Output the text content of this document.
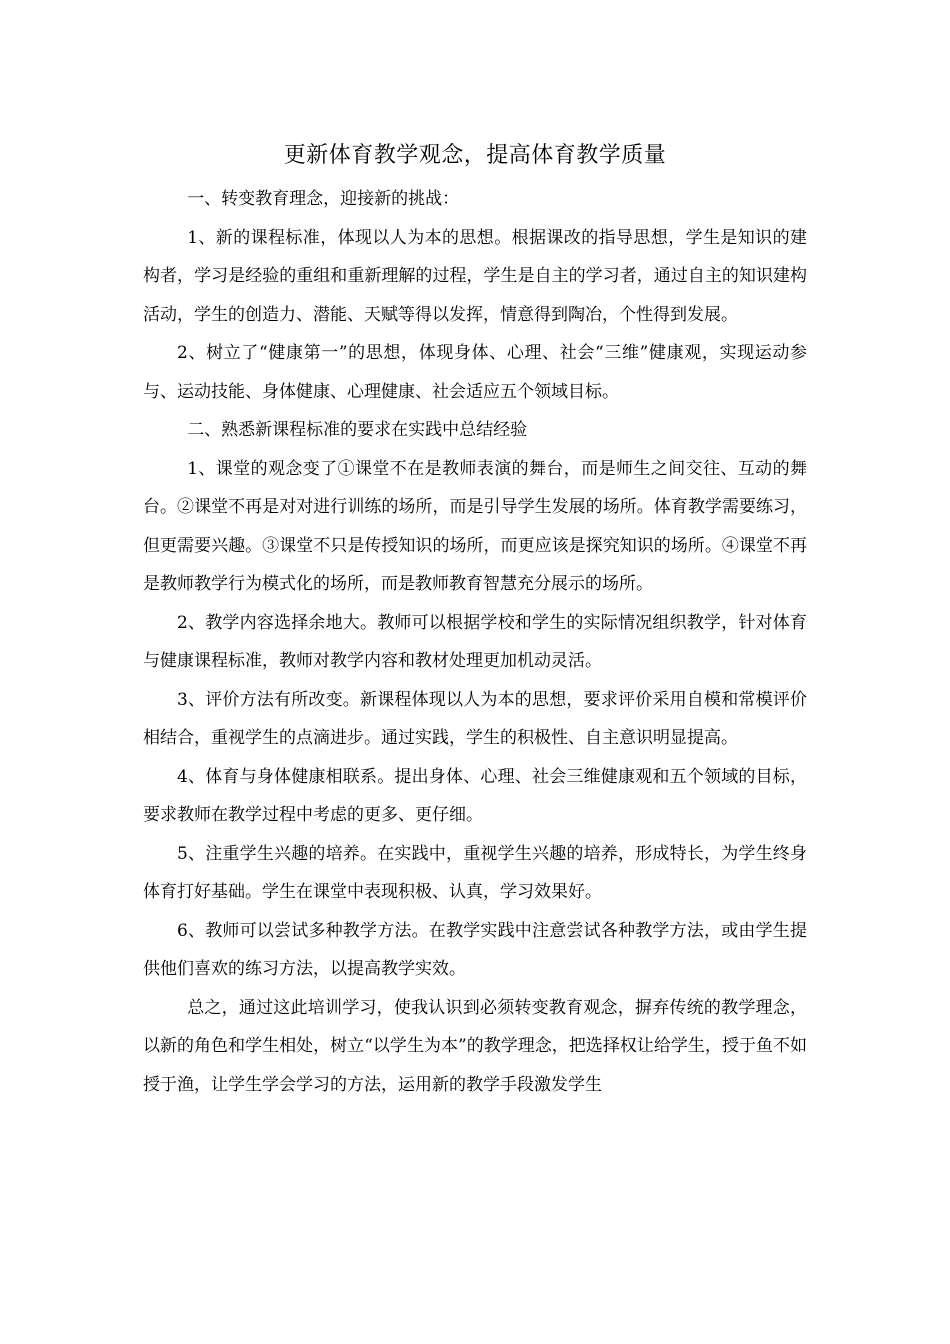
更新体育教学观念，提高体育教学质量

一、转变教育理念，迎接新的挑战：

1、新的课程标准，体现以人为本的思想。根据课改的指导思想，学生是知识的建构者，学习是经验的重组和重新理解的过程，学生是自主的学习者，通过自主的知识建构活动，学生的创造力、潜能、天赋等得以发挥，情意得到陶冶，个性得到发展。

2、树立了“健康第一”的思想，体现身体、心理、社会“三维”健康观，实现运动参与、运动技能、身体健康、心理健康、社会适应五个领域目标。

二、熟悉新课程标准的要求在实践中总结经验

1、课堂的观念变了①课堂不在是教师表演的舞台，而是师生之间交往、互动的舞台。②课堂不再是对对进行训练的场所，而是引导学生发展的场所。体育教学需要练习，但更需要兴趣。③课堂不只是传授知识的场所，而更应该是探究知识的场所。④课堂不再是教师教学行为模式化的场所，而是教师教育智慧充分展示的场所。

2、教学内容选择余地大。教师可以根据学校和学生的实际情况组织教学，针对体育与健康课程标准，教师对教学内容和教材处理更加机动灵活。

3、评价方法有所改变。新课程体现以人为本的思想，要求评价采用自模和常模评价相结合，重视学生的点滴进步。通过实践，学生的积极性、自主意识明显提高。

4、体育与身体健康相联系。提出身体、心理、社会三维健康观和五个领域的目标，要求教师在教学过程中考虑的更多、更仔细。

5、注重学生兴趣的培养。在实践中，重视学生兴趣的培养，形成特长，为学生终身体育打好基础。学生在课堂中表现积极、认真，学习效果好。

6、教师可以尝试多种教学方法。在教学实践中注意尝试各种教学方法，或由学生提供他们喜欢的练习方法，以提高教学实效。

总之，通过这此培训学习，使我认识到必须转变教育观念，摒弃传统的教学理念，以新的角色和学生相处，树立“以学生为本”的教学理念，把选择权让给学生，授于鱼不如授于渔，让学生学会学习的方法，运用新的教学手段激发学生
